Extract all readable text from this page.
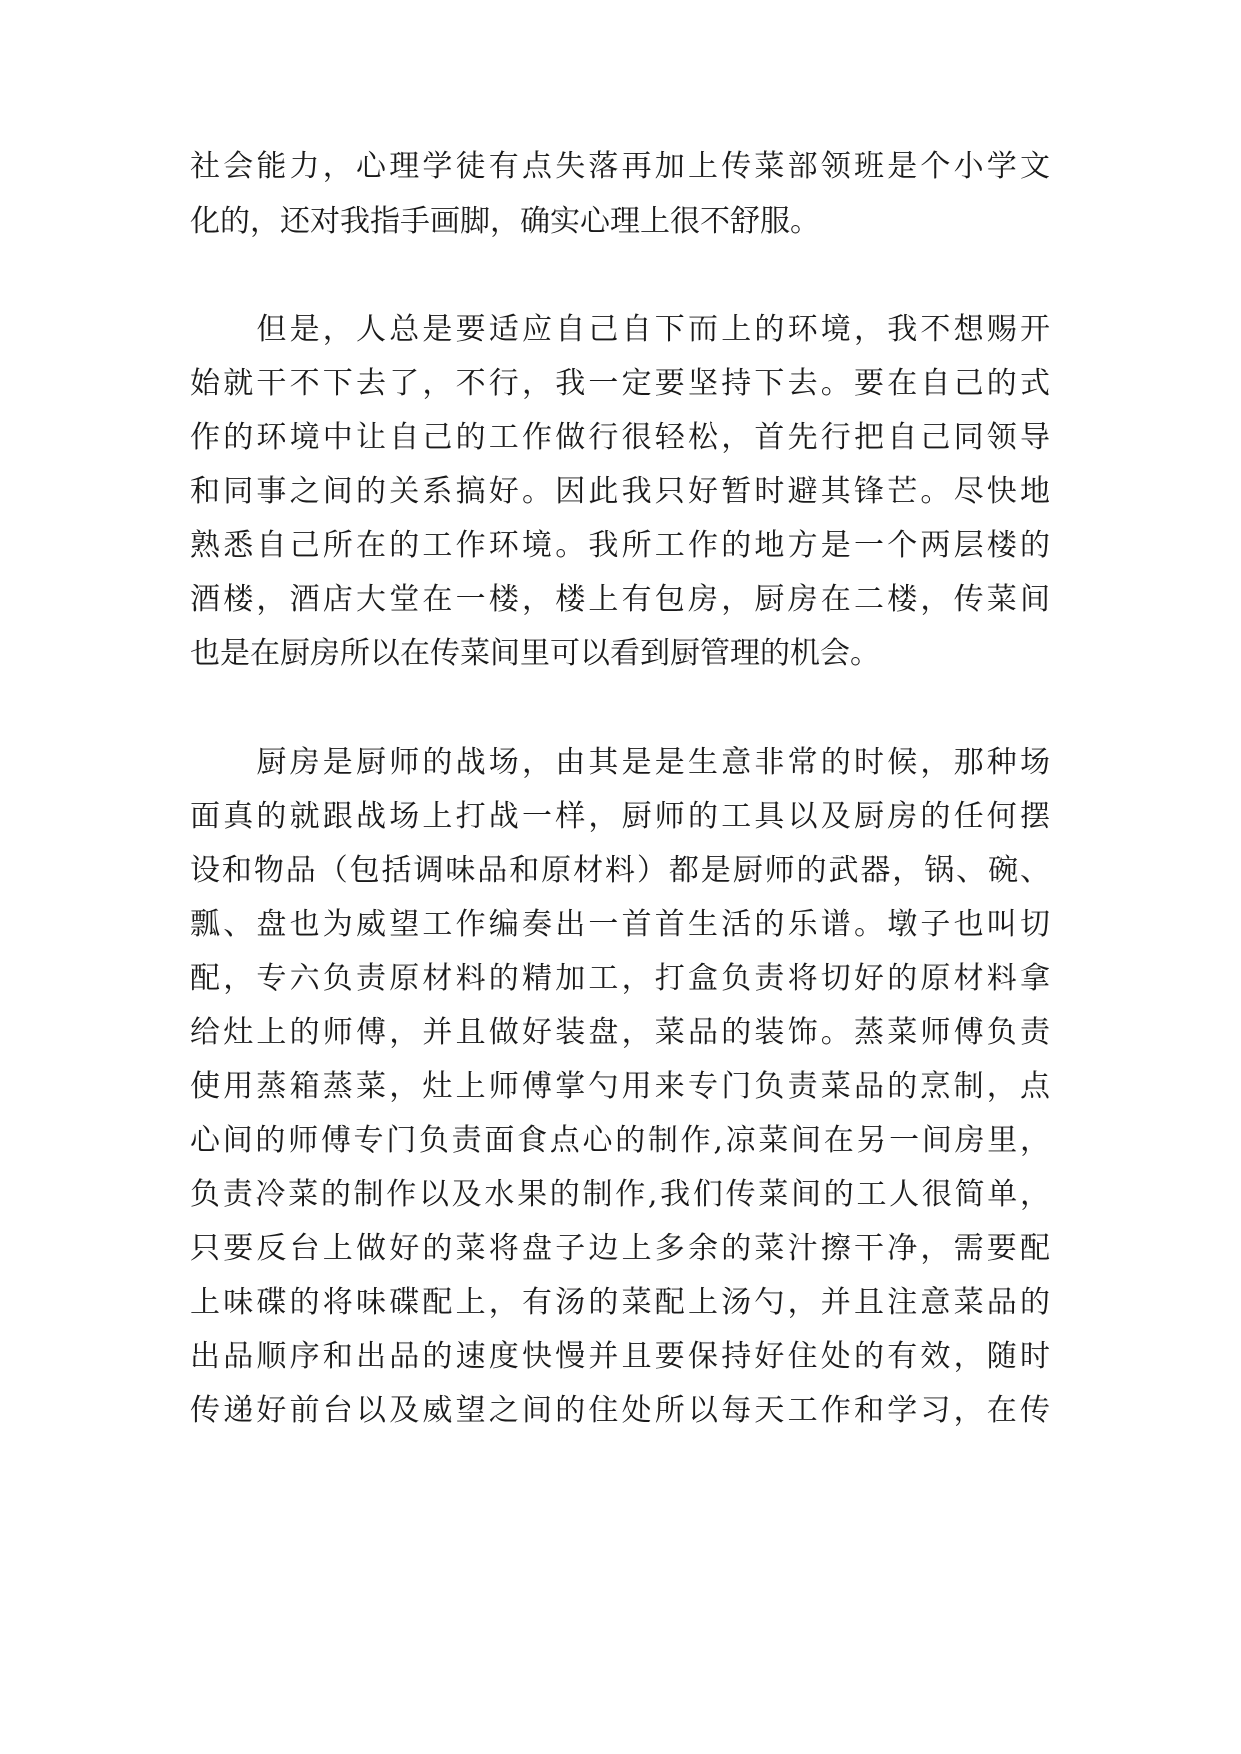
社会能力，心理学徒有点失落再加上传菜部领班是个小学文
化的，还对我指手画脚，确实心理上很不舒服。
　　但是，人总是要适应自己自下而上的环境，我不想赐开
始就干不下去了，不行，我一定要坚持下去。要在自己的式
作的环境中让自己的工作做行很轻松，首先行把自己同领导
和同事之间的关系搞好。因此我只好暂时避其锋芒。尽快地
熟悉自己所在的工作环境。我所工作的地方是一个两层楼的
酒楼，酒店大堂在一楼，楼上有包房，厨房在二楼，传菜间
也是在厨房所以在传菜间里可以看到厨管理的机会。
　　厨房是厨师的战场，由其是是生意非常的时候，那种场
面真的就跟战场上打战一样，厨师的工具以及厨房的任何摆
设和物品（包括调味品和原材料）都是厨师的武器，锅、碗、
瓢、盘也为威望工作编奏出一首首生活的乐谱。墩子也叫切
配，专六负责原材料的精加工，打盒负责将切好的原材料拿
给灶上的师傅，并且做好装盘，菜品的装饰。蒸菜师傅负责
使用蒸箱蒸菜，灶上师傅掌勺用来专门负责菜品的烹制，点
心间的师傅专门负责面食点心的制作,凉菜间在另一间房里，
负责冷菜的制作以及水果的制作,我们传菜间的工人很简单，
只要反台上做好的菜将盘子边上多余的菜汁擦干净，需要配
上味碟的将味碟配上，有汤的菜配上汤勺，并且注意菜品的
出品顺序和出品的速度快慢并且要保持好住处的有效，随时
传递好前台以及威望之间的住处所以每天工作和学习，在传
